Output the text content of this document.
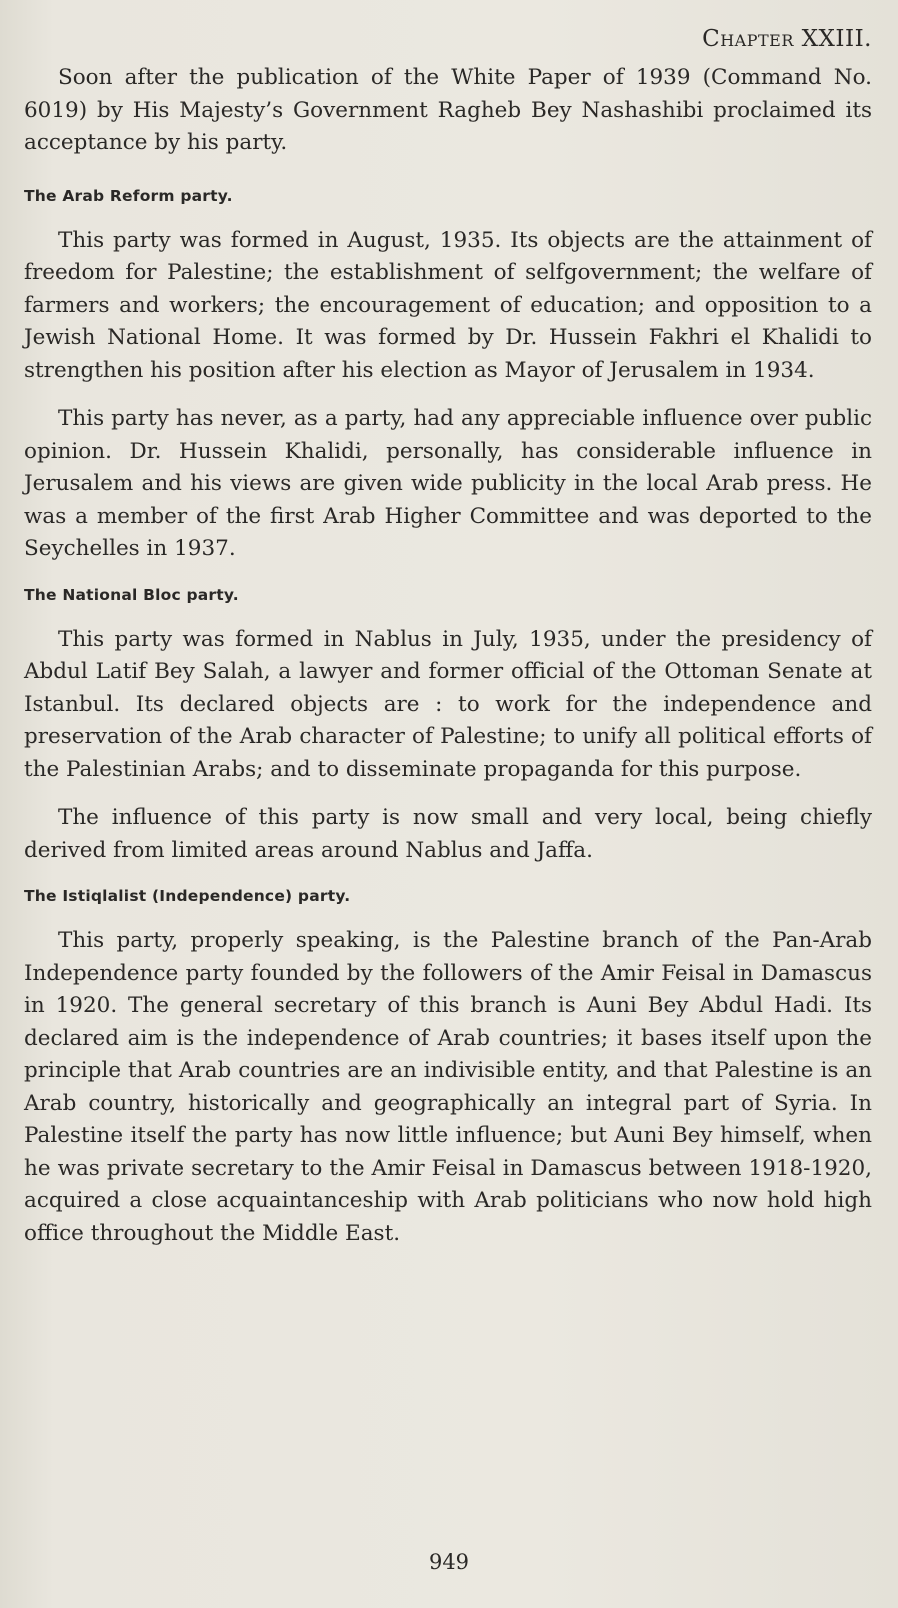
Chapter XXIII.

Soon after the publication of the White Paper of 1939 (Command No. 6019) by His Majesty’s Government Ragheb Bey Nashashibi proclaimed its acceptance by his party.

The Arab Reform party.

This party was formed in August, 1935. Its objects are the attainment of freedom for Palestine; the establishment of selfgovernment; the welfare of farmers and workers; the encouragement of education; and opposition to a Jewish National Home. It was formed by Dr. Hussein Fakhri el Khalidi to strengthen his position after his election as Mayor of Jerusalem in 1934.

This party has never, as a party, had any appreciable influence over public opinion. Dr. Hussein Khalidi, personally, has considerable influence in Jerusalem and his views are given wide publicity in the local Arab press. He was a member of the first Arab Higher Committee and was deported to the Seychelles in 1937.

The National Bloc party.

This party was formed in Nablus in July, 1935, under the presidency of Abdul Latif Bey Salah, a lawyer and former official of the Ottoman Senate at Istanbul. Its declared objects are : to work for the independence and preservation of the Arab character of Palestine; to unify all political efforts of the Palestinian Arabs; and to disseminate propaganda for this purpose.

The influence of this party is now small and very local, being chiefly derived from limited areas around Nablus and Jaffa.

The Istiqlalist (Independence) party.

This party, properly speaking, is the Palestine branch of the Pan-Arab Independence party founded by the followers of the Amir Feisal in Damascus in 1920. The general secretary of this branch is Auni Bey Abdul Hadi. Its declared aim is the independence of Arab countries; it bases itself upon the principle that Arab countries are an indivisible entity, and that Palestine is an Arab country, historically and geographically an integral part of Syria. In Palestine itself the party has now little influence; but Auni Bey himself, when he was private secretary to the Amir Feisal in Damascus between 1918-1920, acquired a close acquaintanceship with Arab politicians who now hold high office throughout the Middle East.

949
